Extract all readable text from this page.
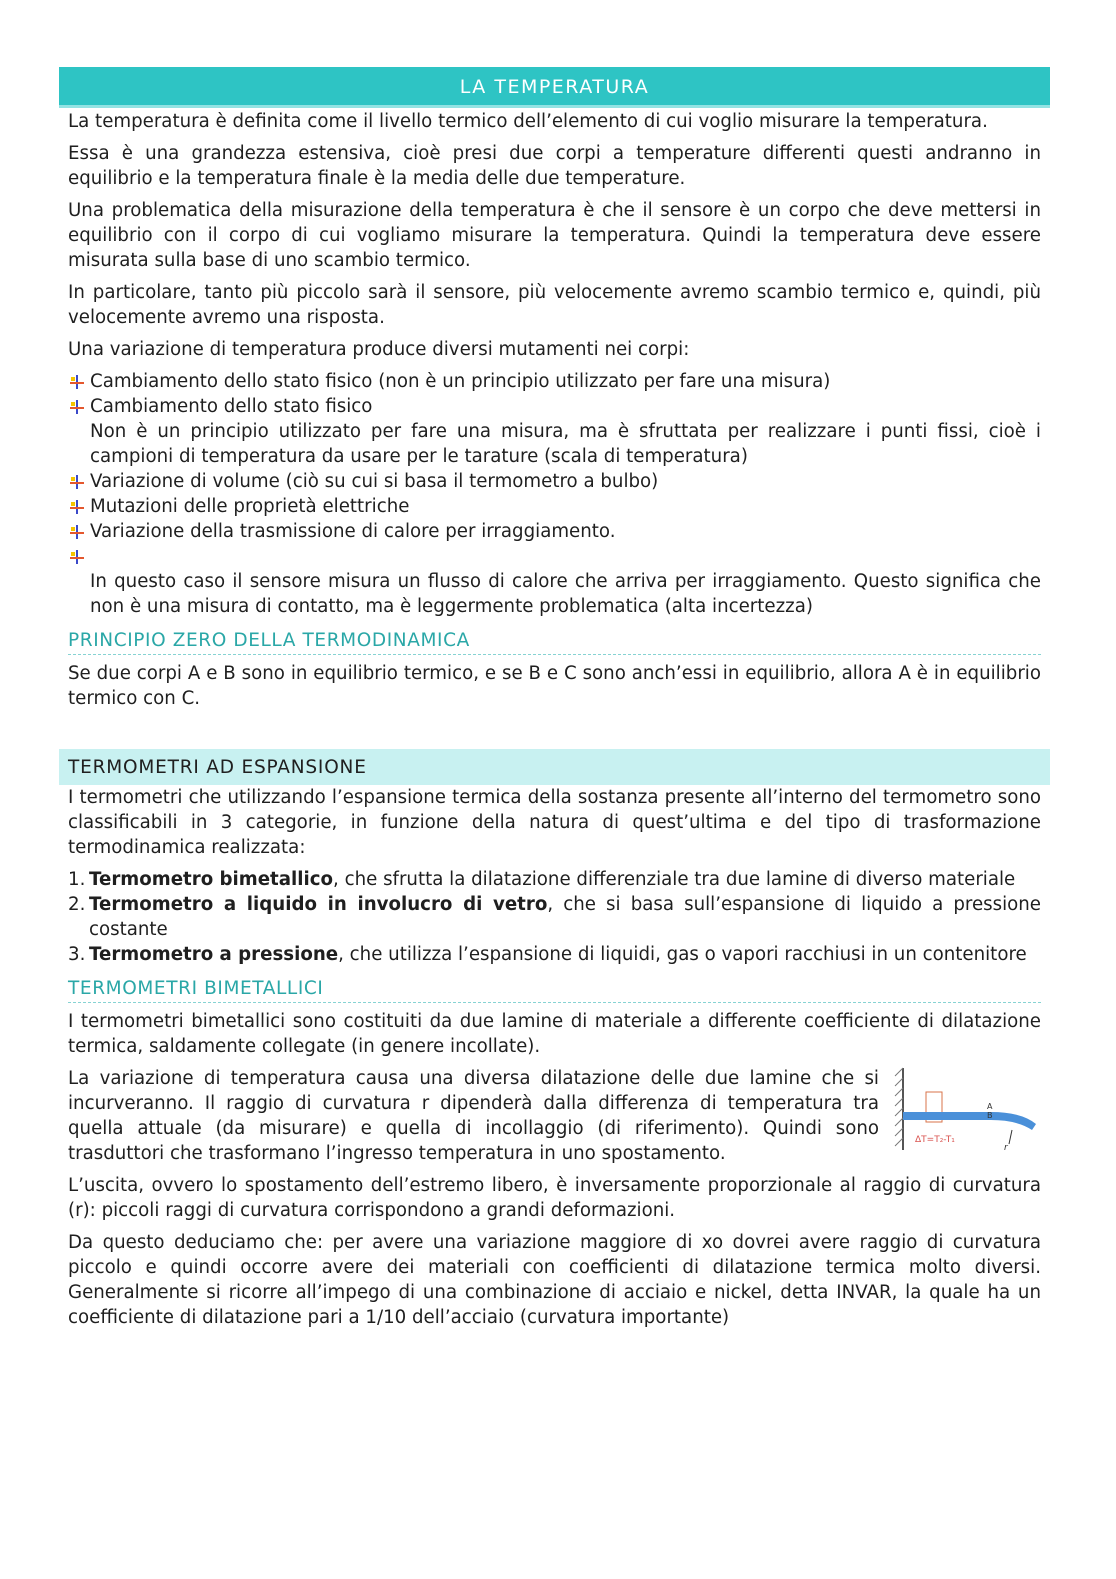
LA TEMPERATURA

La temperatura è definita come il livello termico dell’elemento di cui voglio misurare la temperatura.

Essa è una grandezza estensiva, cioè presi due corpi a temperature differenti questi andranno in equilibrio e la temperatura finale è la media delle due temperature.

Una problematica della misurazione della temperatura è che il sensore è un corpo che deve mettersi in equilibrio con il corpo di cui vogliamo misurare la temperatura. Quindi la temperatura deve essere misurata sulla base di uno scambio termico.

In particolare, tanto più piccolo sarà il sensore, più velocemente avremo scambio termico e, quindi, più velocemente avremo una risposta.

Una variazione di temperatura produce diversi mutamenti nei corpi:

Cambiamento dello stato fisico (non è un principio utilizzato per fare una misura)
Cambiamento dello stato fisico
Non è un principio utilizzato per fare una misura, ma è sfruttata per realizzare i punti fissi, cioè i campioni di temperatura da usare per le tarature (scala di temperatura)
Variazione di volume (ciò su cui si basa il termometro a bulbo)
Mutazioni delle proprietà elettriche
Variazione della trasmissione di calore per irraggiamento.
In questo caso il sensore misura un flusso di calore che arriva per irraggiamento. Questo significa che non è una misura di contatto, ma è leggermente problematica (alta incertezza)
PRINCIPIO ZERO DELLA TERMODINAMICA

Se due corpi A e B sono in equilibrio termico, e se B e C sono anch’essi in equilibrio, allora A è in equilibrio termico con C.

TERMOMETRI AD ESPANSIONE

I termometri che utilizzando l’espansione termica della sostanza presente all’interno del termometro sono classificabili in 3 categorie, in funzione della natura di quest’ultima e del tipo di trasformazione termodinamica realizzata:

1. Termometro bimetallico, che sfrutta la dilatazione differenziale tra due lamine di diverso materiale
2. Termometro a liquido in involucro di vetro, che si basa sull’espansione di liquido a pressione costante
3. Termometro a pressione, che utilizza l’espansione di liquidi, gas o vapori racchiusi in un contenitore
TERMOMETRI BIMETALLICI

I termometri bimetallici sono costituiti da due lamine di materiale a differente coefficiente di dilatazione termica, saldamente collegate (in genere incollate).

La variazione di temperatura causa una diversa dilatazione delle due lamine che si incurveranno. Il raggio di curvatura r dipenderà dalla differenza di temperatura tra quella attuale (da misurare) e quella di incollaggio (di riferimento). Quindi sono trasduttori che trasformano l’ingresso temperatura in uno spostamento.

A
B
r
ΔT=T₂-T₁

L’uscita, ovvero lo spostamento dell’estremo libero, è inversamente proporzionale al raggio di curvatura (r): piccoli raggi di curvatura corrispondono a grandi deformazioni.

Da questo deduciamo che: per avere una variazione maggiore di xo dovrei avere raggio di curvatura piccolo e quindi occorre avere dei materiali con coefficienti di dilatazione termica molto diversi. Generalmente si ricorre all’impego di una combinazione di acciaio e nickel, detta INVAR, la quale ha un coefficiente di dilatazione pari a 1/10 dell’acciaio (curvatura importante)
